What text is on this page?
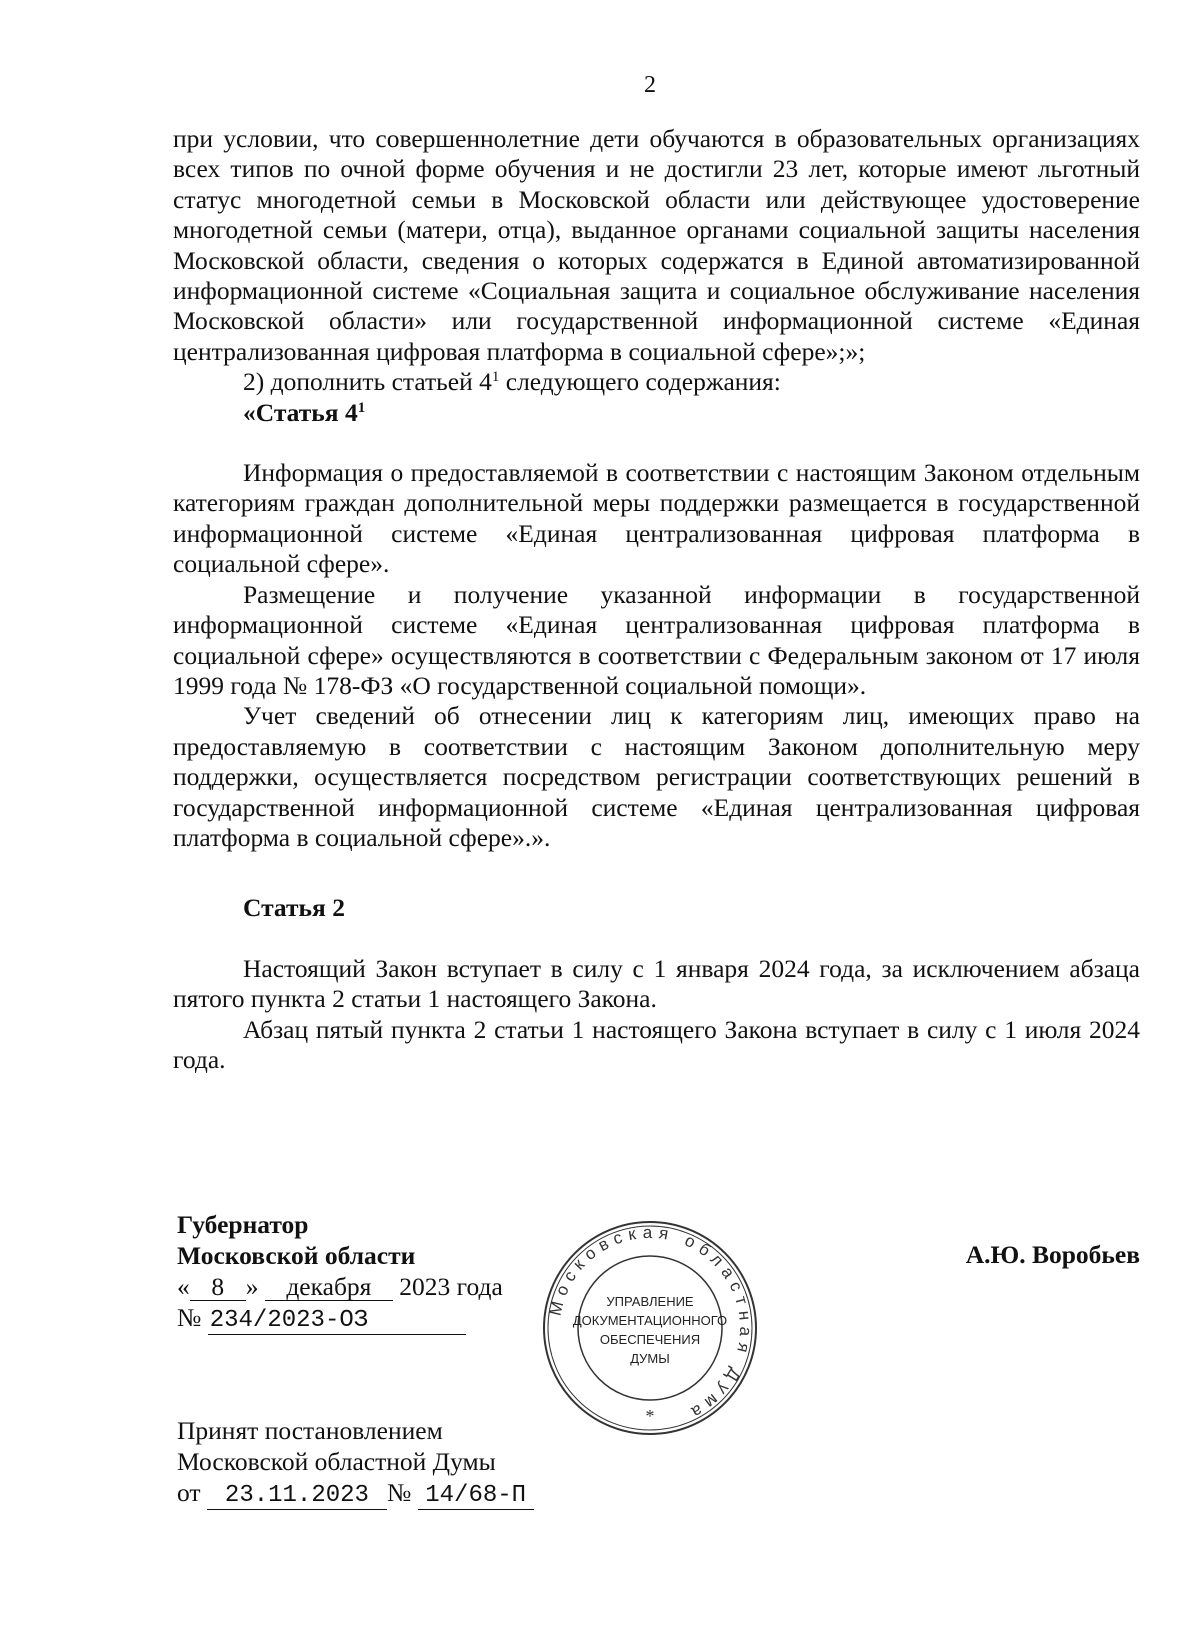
2

при условии, что совершеннолетние дети обучаются в образовательных организациях всех типов по очной форме обучения и не достигли 23 лет, которые имеют льготный статус многодетной семьи в Московской области или действующее удостоверение многодетной семьи (матери, отца), выданное органами социальной защиты населения Московской области, сведения о которых содержатся в Единой автоматизированной информационной системе «Социальная защита и социальное обслуживание населения Московской области» или государственной информационной системе «Единая централизованная цифровая платформа в социальной сфере»;»;

2) дополнить статьей $4^1$ следующего содержания:

«Статья $4^1$

Информация о предоставляемой в соответствии с настоящим Законом отдельным категориям граждан дополнительной меры поддержки размещается в государственной информационной системе «Единая централизованная цифровая платформа в социальной сфере».

Размещение и получение указанной информации в государственной информационной системе «Единая централизованная цифровая платформа в социальной сфере» осуществляются в соответствии с Федеральным законом от 17 июля 1999 года № 178-ФЗ «О государственной социальной помощи».

Учет сведений об отнесении лиц к категориям лиц, имеющих право на предоставляемую в соответствии с настоящим Законом дополнительную меру поддержки, осуществляется посредством регистрации соответствующих решений в государственной информационной системе «Единая централизованная цифровая платформа в социальной сфере».».

Статья 2

Настоящий Закон вступает в силу с 1 января 2024 года, за исключением абзаца пятого пункта 2 статьи 1 настоящего Закона.

Абзац пятый пункта 2 статьи 1 настоящего Закона вступает в силу с 1 июля 2024 года.

Губернатор
Московской области
« 8 » декабря 2023 года
№ 234/2023-ОЗ
А.Ю. Воробьев
Московская областная Дума
*
УПРАВЛЕНИЕ
ДОКУМЕНТАЦИОННОГО
ОБЕСПЕЧЕНИЯ
ДУМЫ
Принят постановлением
Московской областной Думы
от 23.11.2023 № 14/68-П
